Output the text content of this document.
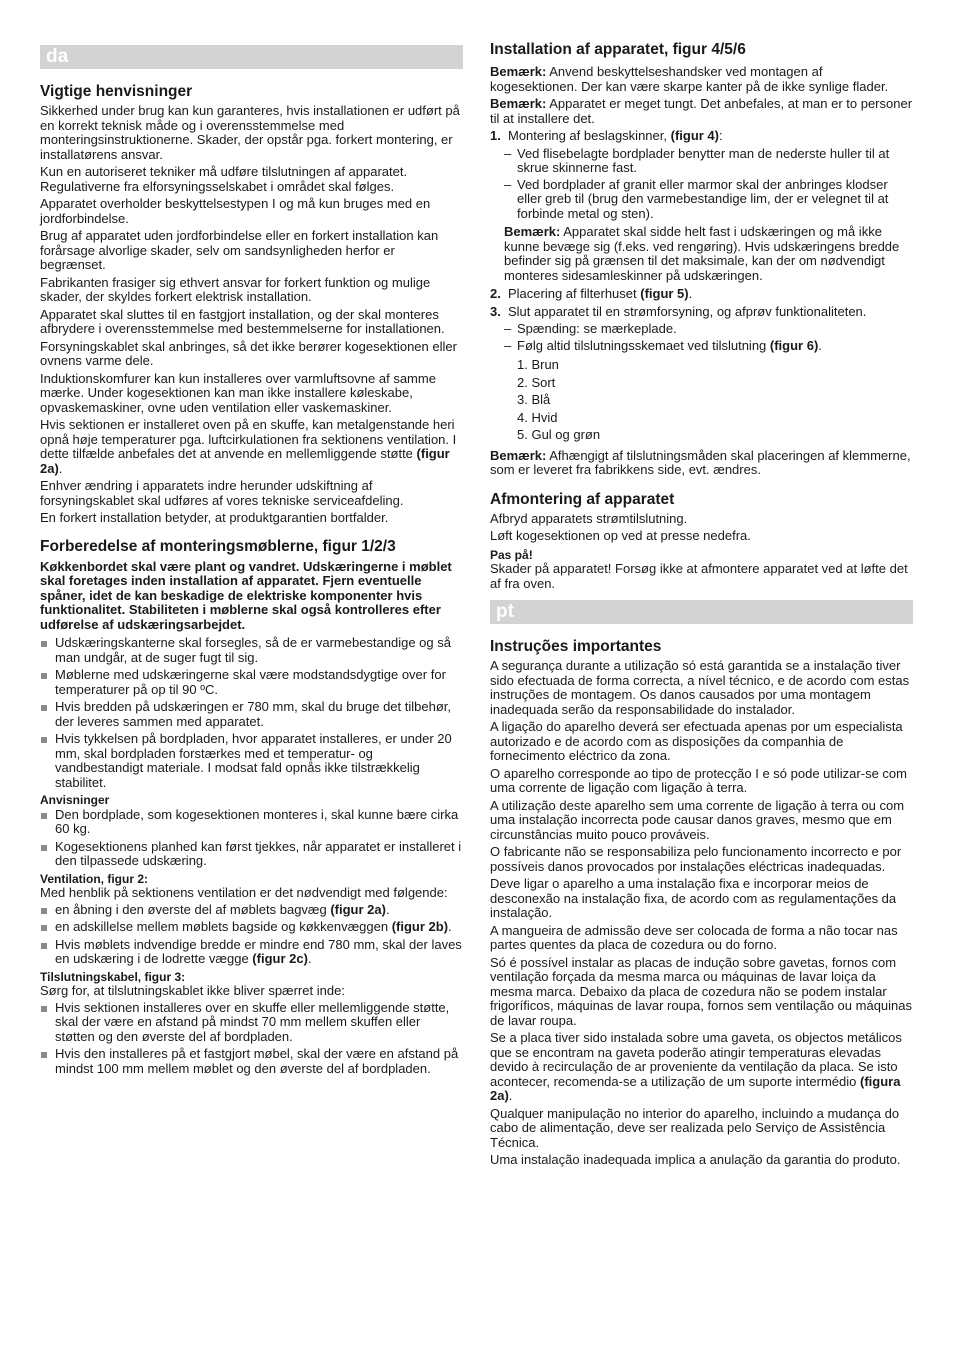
da
Vigtige henvisninger

Sikkerhed under brug kan kun garanteres, hvis installationen er udført på en korrekt teknisk måde og i overensstemmelse med monteringsinstruktionerne. Skader, der opstår pga. forkert montering, er installatørens ansvar.

Kun en autoriseret tekniker må udføre tilslutningen af apparatet. Regulativerne fra elforsyningsselskabet i området skal følges.

Apparatet overholder beskyttelsestypen I og må kun bruges med en jordforbindelse.

Brug af apparatet uden jordforbindelse eller en forkert installation kan forårsage alvorlige skader, selv om sandsynligheden herfor er begrænset.

Fabrikanten frasiger sig ethvert ansvar for forkert funktion og mulige skader, der skyldes forkert elektrisk installation.

Apparatet skal sluttes til en fastgjort installation, og der skal monteres afbrydere i overensstemmelse med bestemmelserne for installationen.

Forsyningskablet skal anbringes, så det ikke berører kogesektionen eller ovnens varme dele.

Induktionskomfurer kan kun installeres over varmluftsovne af samme mærke. Under kogesektionen kan man ikke installere køleskabe, opvaskemaskiner, ovne uden ventilation eller vaskemaskiner.

Hvis sektionen er installeret oven på en skuffe, kan metalgenstande heri opnå høje temperaturer pga. luftcirkulationen fra sektionens ventilation. I dette tilfælde anbefales det at anvende en mellemliggende støtte (figur 2a).

Enhver ændring i apparatets indre herunder udskiftning af forsyningskablet skal udføres af vores tekniske serviceafdeling.

En forkert installation betyder, at produktgarantien bortfalder.

Forberedelse af monteringsmøblerne, figur 1/2/3

Køkkenbordet skal være plant og vandret. Udskæringerne i møblet skal foretages inden installation af apparatet. Fjern eventuelle spåner, idet de kan beskadige de elektriske komponenter hvis funktionalitet. Stabiliteten i møblerne skal også kontrolleres efter udførelse af udskæringsarbejdet.

Udskæringskanterne skal forsegles, så de er varmebestandige og så man undgår, at de suger fugt til sig.
Møblerne med udskæringerne skal være modstandsdygtige over for temperaturer på op til 90 ºC.
Hvis bredden på udskæringen er 780 mm, skal du bruge det tilbehør, der leveres sammen med apparatet.
Hvis tykkelsen på bordpladen, hvor apparatet installeres, er under 20 mm, skal bordpladen forstærkes med et temperatur- og vandbestandigt materiale. I modsat fald opnås ikke tilstrækkelig stabilitet.

Anvisninger

Den bordplade, som kogesektionen monteres i, skal kunne bære cirka 60 kg.
Kogesektionens planhed kan først tjekkes, når apparatet er installeret i den tilpassede udskæring.

Ventilation, figur 2:

Med henblik på sektionens ventilation er det nødvendigt med følgende:

en åbning i den øverste del af møblets bagvæg (figur 2a).
en adskillelse mellem møblets bagside og køkkenvæggen (figur 2b).
Hvis møblets indvendige bredde er mindre end 780 mm, skal der laves en udskæring i de lodrette vægge (figur 2c).

Tilslutningskabel, figur 3:

Sørg for, at tilslutningskablet ikke bliver spærret inde:

Hvis sektionen installeres over en skuffe eller mellemliggende støtte, skal der være en afstand på mindst 70 mm mellem skuffen eller støtten og den øverste del af bordpladen.
Hvis den installeres på et fastgjort møbel, skal der være en afstand på mindst 100 mm mellem møblet og den øverste del af bordpladen.
Installation af apparatet, figur 4/5/6

Bemærk: Anvend beskyttelseshandsker ved montagen af kogesektionen. Der kan være skarpe kanter på de ikke synlige flader.

Bemærk: Apparatet er meget tungt. Det anbefales, at man er to personer til at installere det.

1. Montering af beslagskinner, (figur 4):
– Ved flisebelagte bordplader benytter man de nederste huller til at skrue skinnerne fast.
– Ved bordplader af granit eller marmor skal der anbringes klodser eller greb til (brug den varmebestandige lim, der er velegnet til at forbinde metal og sten).

Bemærk: Apparatet skal sidde helt fast i udskæringen og må ikke kunne bevæge sig (f.eks. ved rengøring). Hvis udskæringens bredde befinder sig på grænsen til det maksimale, kan der om nødvendigt monteres sidesamleskinner på udskæringen.

2. Placering af filterhuset (figur 5).
3. Slut apparatet til en strømforsyning, og afprøv funktionaliteten.
– Spænding: se mærkeplade.
– Følg altid tilslutningsskemaet ved tilslutning (figur 6).
1. Brun
2. Sort
3. Blå
4. Hvid
5. Gul og grøn

Bemærk: Afhængigt af tilslutningsmåden skal placeringen af klemmerne, som er leveret fra fabrikkens side, evt. ændres.

Afmontering af apparatet

Afbryd apparatets strømtilslutning.

Løft kogesektionen op ved at presse nedefra.

Pas på!

Skader på apparatet! Forsøg ikke at afmontere apparatet ved at løfte det af fra oven.

pt
Instruções importantes

A segurança durante a utilização só está garantida se a instalação tiver sido efectuada de forma correcta, a nível técnico, e de acordo com estas instruções de montagem. Os danos causados por uma montagem inadequada serão da responsabilidade do instalador.

A ligação do aparelho deverá ser efectuada apenas por um especialista autorizado e de acordo com as disposições da companhia de fornecimento eléctrico da zona.

O aparelho corresponde ao tipo de protecção I e só pode utilizar-se com uma corrente de ligação com ligação à terra.

A utilização deste aparelho sem uma corrente de ligação à terra ou com uma instalação incorrecta pode causar danos graves, mesmo que em circunstâncias muito pouco prováveis.

O fabricante não se responsabiliza pelo funcionamento incorrecto e por possíveis danos provocados por instalações eléctricas inadequadas.

Deve ligar o aparelho a uma instalação fixa e incorporar meios de desconexão na instalação fixa, de acordo com as regulamentações da instalação.

A mangueira de admissão deve ser colocada de forma a não tocar nas partes quentes da placa de cozedura ou do forno.

Só é possível instalar as placas de indução sobre gavetas, fornos com ventilação forçada da mesma marca ou máquinas de lavar loiça da mesma marca. Debaixo da placa de cozedura não se podem instalar frigoríficos, máquinas de lavar roupa, fornos sem ventilação ou máquinas de lavar roupa.

Se a placa tiver sido instalada sobre uma gaveta, os objectos metálicos que se encontram na gaveta poderão atingir temperaturas elevadas devido à recirculação de ar proveniente da ventilação da placa. Se isto acontecer, recomenda-se a utilização de um suporte intermédio (figura 2a).

Qualquer manipulação no interior do aparelho, incluindo a mudança do cabo de alimentação, deve ser realizada pelo Serviço de Assistência Técnica.

Uma instalação inadequada implica a anulação da garantia do produto.
